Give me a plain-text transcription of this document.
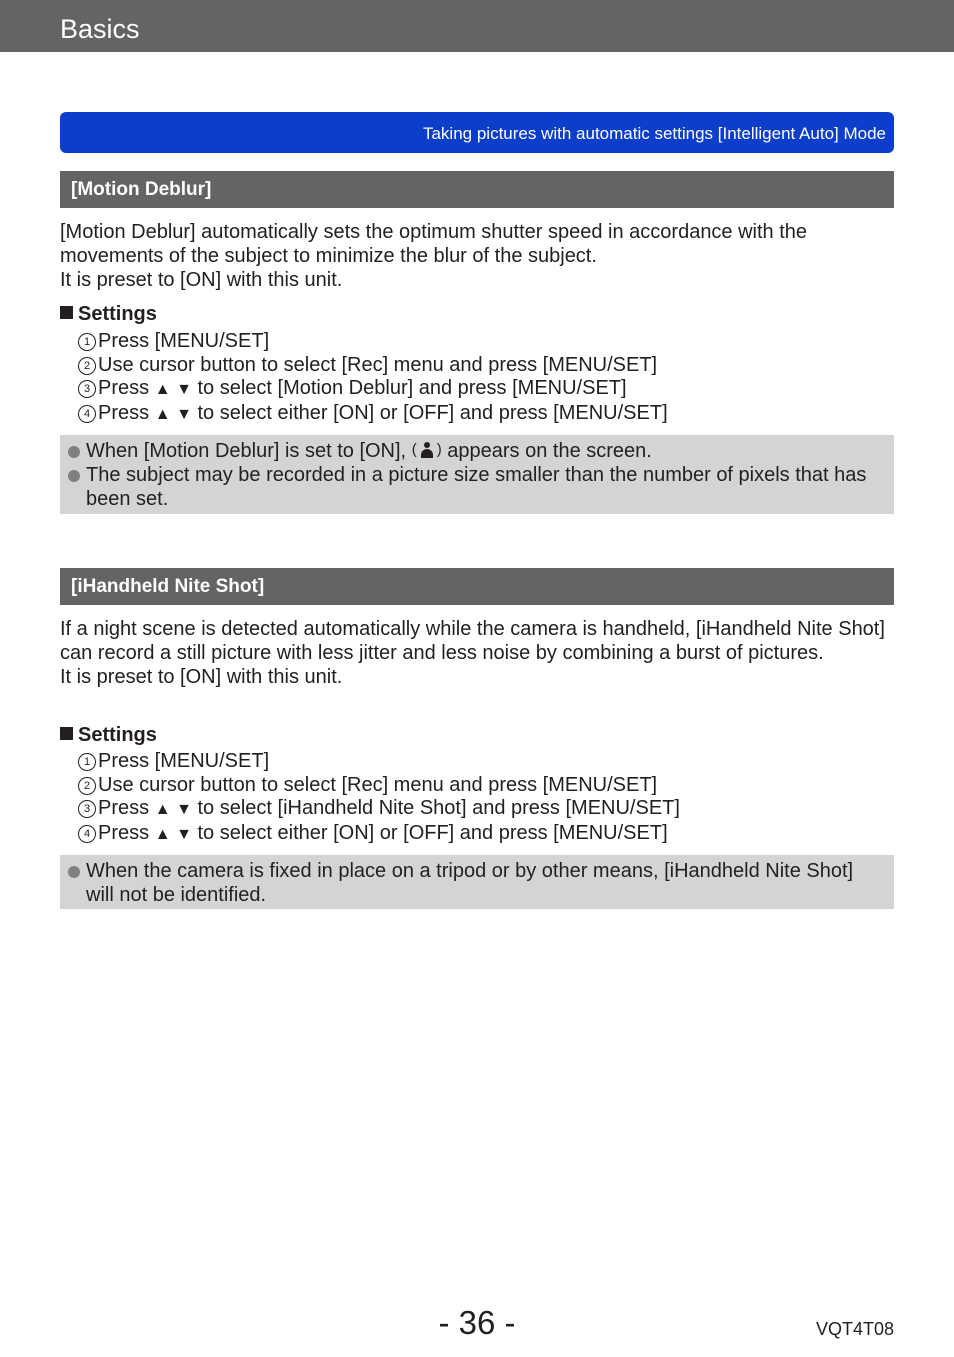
Basics
Taking pictures with automatic settings [Intelligent Auto] Mode
[Motion Deblur]

[Motion Deblur] automatically sets the optimum shutter speed in accordance with the movements of the subject to minimize the blur of the subject.

It is preset to [ON] with this unit.

Settings
1 Press [MENU/SET]
2 Use cursor button to select [Rec] menu and press [MENU/SET]
3 Press ▲ ▼ to select [Motion Deblur] and press [MENU/SET]
4 Press ▲ ▼ to select either [ON] or [OFF] and press [MENU/SET]
When [Motion Deblur] is set to [ON], ( ) appears on the screen.
The subject may be recorded in a picture size smaller than the number of pixels that has been set.
[iHandheld Nite Shot]

If a night scene is detected automatically while the camera is handheld, [iHandheld Nite Shot] can record a still picture with less jitter and less noise by combining a burst of pictures.

It is preset to [ON] with this unit.

Settings
1 Press [MENU/SET]
2 Use cursor button to select [Rec] menu and press [MENU/SET]
3 Press ▲ ▼ to select [iHandheld Nite Shot] and press [MENU/SET]
4 Press ▲ ▼ to select either [ON] or [OFF] and press [MENU/SET]
When the camera is fixed in place on a tripod or by other means, [iHandheld Nite Shot] will not be identified.
- 36 -	VQT4T08
